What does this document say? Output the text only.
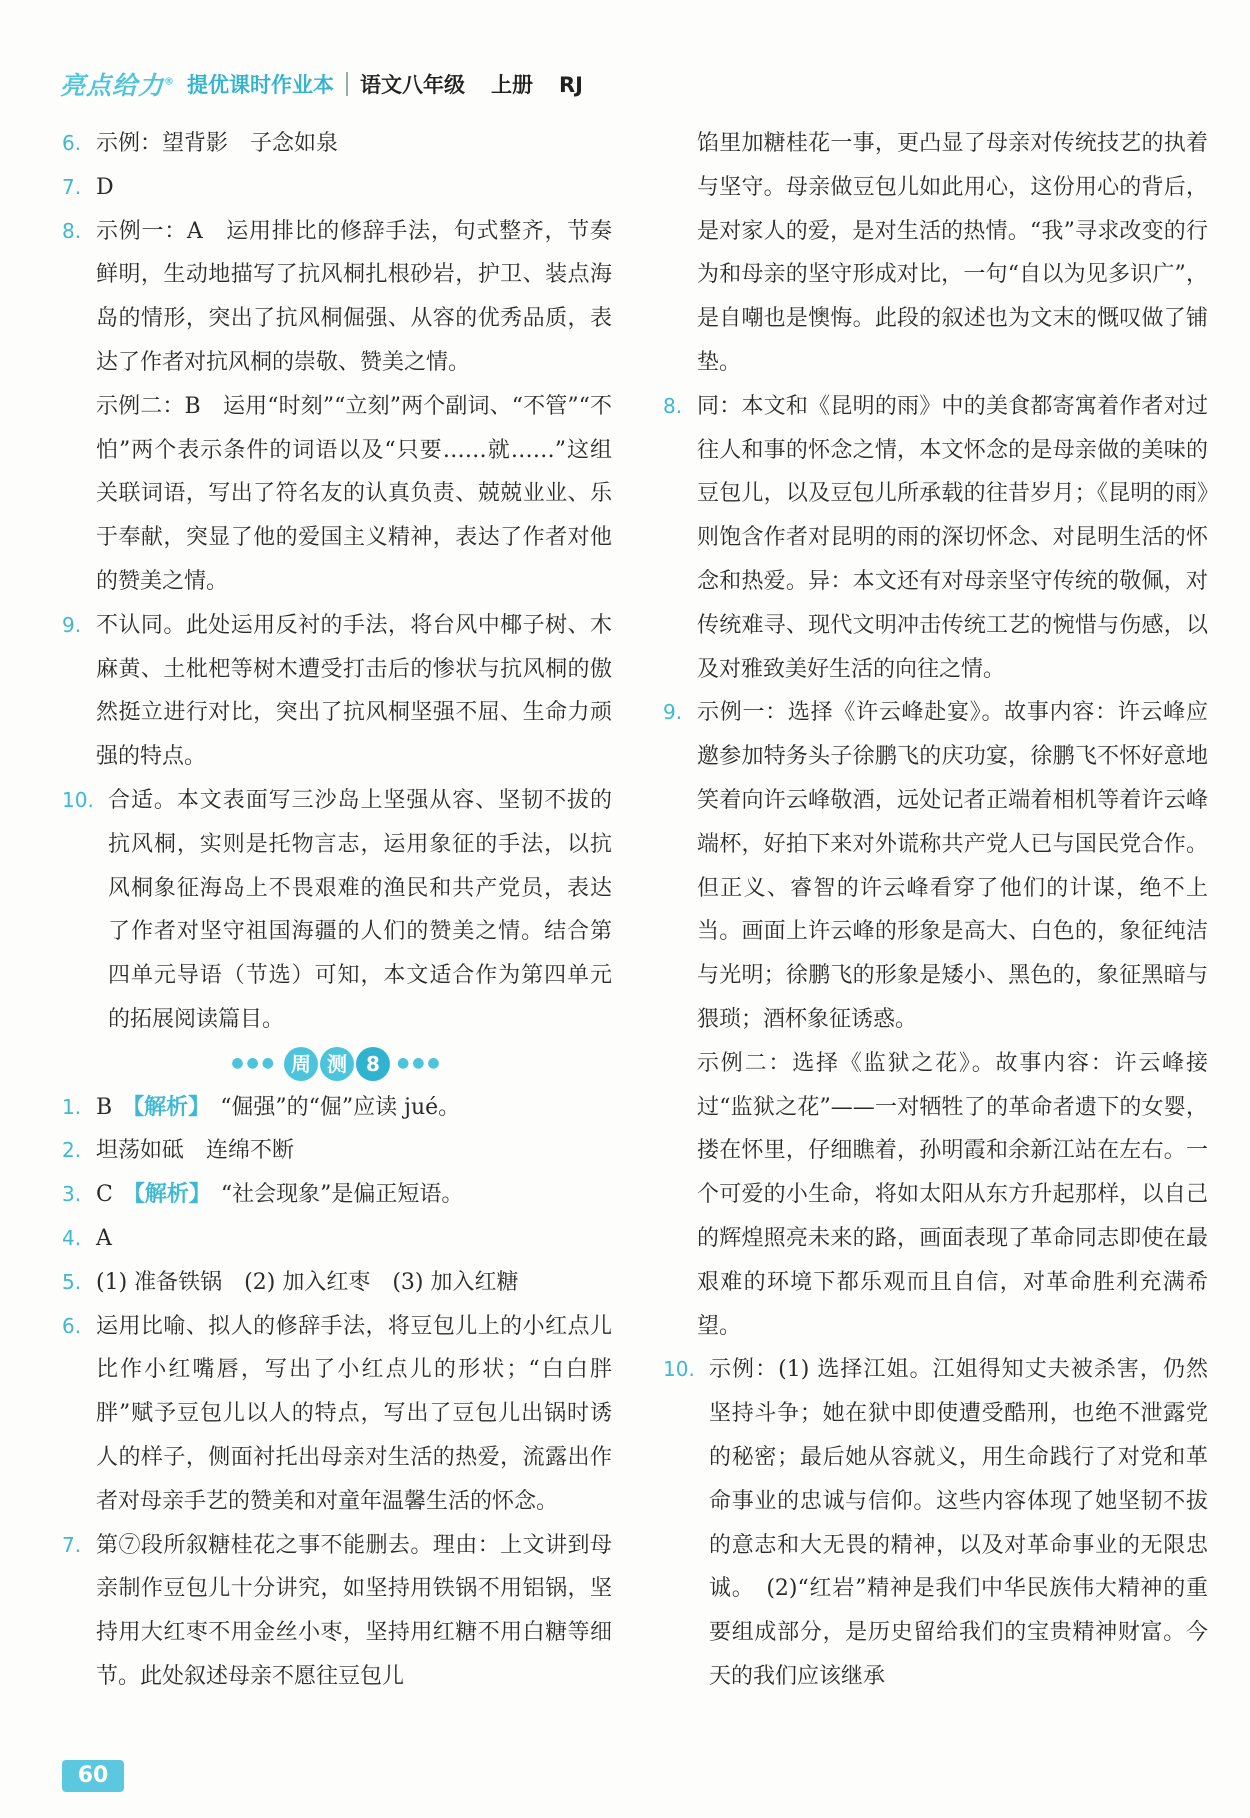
亮点给力® 提优课时作业本 语文八年级 上册 RJ
6. 示例：望背影　子念如泉

7. D

8. 示例一：A　运用排比的修辞手法，句式整齐，节奏鲜明，生动地描写了抗风桐扎根砂岩，护卫、装点海岛的情形，突出了抗风桐倔强、从容的优秀品质，表达了作者对抗风桐的崇敬、赞美之情。

示例二：B　运用“时刻”“立刻”两个副词、“不管”“不怕”两个表示条件的词语以及“只要……就……”这组关联词语，写出了符名友的认真负责、兢兢业业、乐于奉献，突显了他的爱国主义精神，表达了作者对他的赞美之情。

9. 不认同。此处运用反衬的手法，将台风中椰子树、木麻黄、土枇杷等树木遭受打击后的惨状与抗风桐的傲然挺立进行对比，突出了抗风桐坚强不屈、生命力顽强的特点。

10. 合适。本文表面写三沙岛上坚强从容、坚韧不拔的抗风桐，实则是托物言志，运用象征的手法，以抗风桐象征海岛上不畏艰难的渔民和共产党员，表达了作者对坚守祖国海疆的人们的赞美之情。结合第四单元导语（节选）可知，本文适合作为第四单元的拓展阅读篇目。

●●● 周 测 8	●●●
1. B 【解析】 “倔强”的“倔”应读 jué。
2. 坦荡如砥　连绵不断
3. C 【解析】 “社会现象”是偏正短语。
4. A
5. (1) 准备铁锅　(2) 加入红枣　(3) 加入红糖
6. 运用比喻、拟人的修辞手法，将豆包儿上的小红点儿比作小红嘴唇，写出了小红点儿的形状；“白白胖胖”赋予豆包儿以人的特点，写出了豆包儿出锅时诱人的样子，侧面衬托出母亲对生活的热爱，流露出作者对母亲手艺的赞美和对童年温馨生活的怀念。
7. 第⑦段所叙糖桂花之事不能删去。理由：上文讲到母亲制作豆包儿十分讲究，如坚持用铁锅不用铝锅，坚持用大红枣不用金丝小枣，坚持用红糖不用白糖等细节。此处叙述母亲不愿往豆包儿

馅里加糖桂花一事，更凸显了母亲对传统技艺的执着与坚守。母亲做豆包儿如此用心，这份用心的背后，是对家人的爱，是对生活的热情。“我”寻求改变的行为和母亲的坚守形成对比，一句“自以为见多识广”，是自嘲也是懊悔。此段的叙述也为文末的慨叹做了铺垫。

8. 同：本文和《昆明的雨》中的美食都寄寓着作者对过往人和事的怀念之情，本文怀念的是母亲做的美味的豆包儿，以及豆包儿所承载的往昔岁月；《昆明的雨》则饱含作者对昆明的雨的深切怀念、对昆明生活的怀念和热爱。异：本文还有对母亲坚守传统的敬佩，对传统难寻、现代文明冲击传统工艺的惋惜与伤感，以及对雅致美好生活的向往之情。

9. 示例一：选择《许云峰赴宴》。故事内容：许云峰应邀参加特务头子徐鹏飞的庆功宴，徐鹏飞不怀好意地笑着向许云峰敬酒，远处记者正端着相机等着许云峰端杯，好拍下来对外谎称共产党人已与国民党合作。但正义、睿智的许云峰看穿了他们的计谋，绝不上当。画面上许云峰的形象是高大、白色的，象征纯洁与光明；徐鹏飞的形象是矮小、黑色的，象征黑暗与猥琐；酒杯象征诱惑。

示例二：选择《监狱之花》。故事内容：许云峰接过“监狱之花”——一对牺牲了的革命者遗下的女婴，搂在怀里，仔细瞧着，孙明霞和余新江站在左右。一个可爱的小生命，将如太阳从东方升起那样，以自己的辉煌照亮未来的路，画面表现了革命同志即使在最艰难的环境下都乐观而且自信，对革命胜利充满希望。

10. 示例：(1) 选择江姐。江姐得知丈夫被杀害，仍然坚持斗争；她在狱中即使遭受酷刑，也绝不泄露党的秘密；最后她从容就义，用生命践行了对党和革命事业的忠诚与信仰。这些内容体现了她坚韧不拔的意志和大无畏的精神，以及对革命事业的无限忠诚。　(2)“红岩”精神是我们中华民族伟大精神的重要组成部分，是历史留给我们的宝贵精神财富。今天的我们应该继承

60
